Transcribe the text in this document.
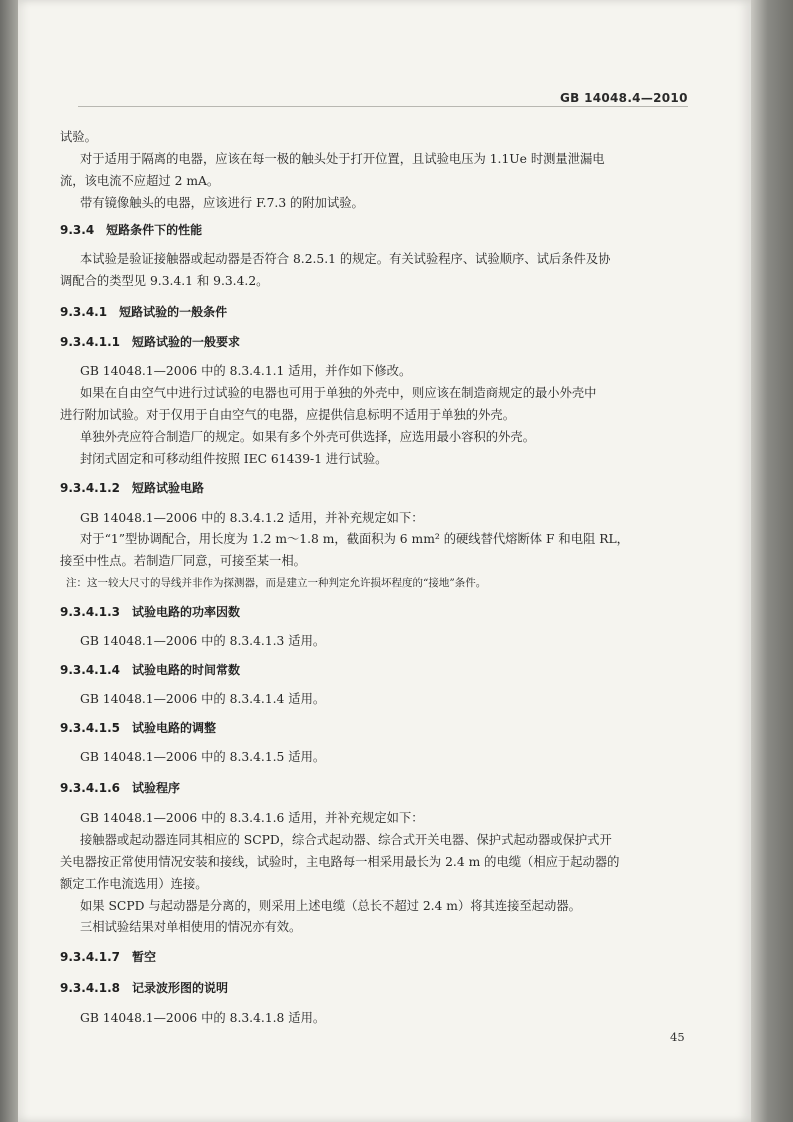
试验。
对于适用于隔离的电器，应该在每一极的触头处于打开位置，且试验电压为 1.1Ue 时测量泄漏电
流，该电流不应超过 2 mA。
带有镜像触头的电器，应该进行 F.7.3 的附加试验。
9.3.4　短路条件下的性能
本试验是验证接触器或起动器是否符合 8.2.5.1 的规定。有关试验程序、试验顺序、试后条件及协
调配合的类型见 9.3.4.1 和 9.3.4.2。
9.3.4.1　短路试验的一般条件
9.3.4.1.1　短路试验的一般要求
GB 14048.1—2006 中的 8.3.4.1.1 适用，并作如下修改。
如果在自由空气中进行过试验的电器也可用于单独的外壳中，则应该在制造商规定的最小外壳中
进行附加试验。对于仅用于自由空气的电器，应提供信息标明不适用于单独的外壳。
单独外壳应符合制造厂的规定。如果有多个外壳可供选择，应选用最小容积的外壳。
封闭式固定和可移动组件按照 IEC 61439-1 进行试验。
9.3.4.1.2　短路试验电路
GB 14048.1—2006 中的 8.3.4.1.2 适用，并补充规定如下：
对于“1”型协调配合，用长度为 1.2 m～1.8 m，截面积为 6 mm² 的硬线替代熔断体 F 和电阻 RL，
接至中性点。若制造厂同意，可接至某一相。
注：这一较大尺寸的导线并非作为探测器，而是建立一种判定允许损坏程度的“接地”条件。
9.3.4.1.3　试验电路的功率因数
GB 14048.1—2006 中的 8.3.4.1.3 适用。
9.3.4.1.4　试验电路的时间常数
GB 14048.1—2006 中的 8.3.4.1.4 适用。
9.3.4.1.5　试验电路的调整
GB 14048.1—2006 中的 8.3.4.1.5 适用。
9.3.4.1.6　试验程序
GB 14048.1—2006 中的 8.3.4.1.6 适用，并补充规定如下：
接触器或起动器连同其相应的 SCPD，综合式起动器、综合式开关电器、保护式起动器或保护式开
关电器按正常使用情况安装和接线，试验时，主电路每一相采用最长为 2.4 m 的电缆（相应于起动器的
额定工作电流选用）连接。
如果 SCPD 与起动器是分离的，则采用上述电缆（总长不超过 2.4 m）将其连接至起动器。
三相试验结果对单相使用的情况亦有效。
9.3.4.1.7　暂空
9.3.4.1.8　记录波形图的说明
GB 14048.1—2006 中的 8.3.4.1.8 适用。
45
GB 14048.4—2010
